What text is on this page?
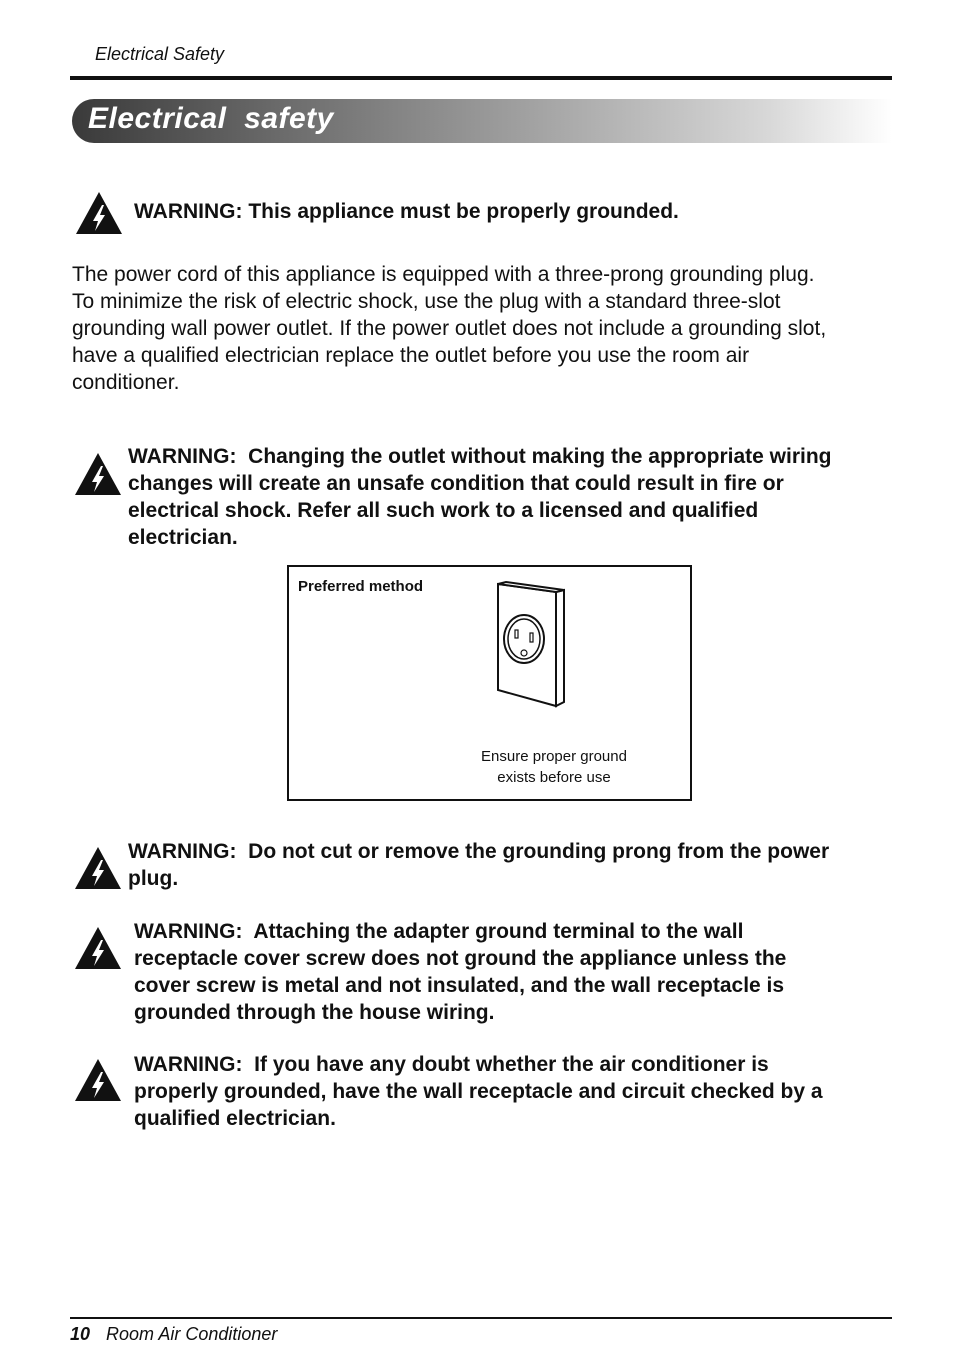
Electrical Safety
Electrical  safety
WARNING: This appliance must be properly grounded.
The power cord of this appliance is equipped with a three-prong grounding plug.
To minimize the risk of electric shock, use the plug with a standard three-slot
grounding wall power outlet. If the power outlet does not include a grounding slot,
have a qualified electrician replace the outlet before you use the room air
conditioner.
WARNING:  Changing the outlet without making the appropriate wiring
changes will create an unsafe condition that could result in fire or
electrical shock. Refer all such work to a licensed and qualified
electrician.
Preferred method
Ensure proper ground
exists before use
WARNING:  Do not cut or remove the grounding prong from the power
plug.
WARNING:  Attaching the adapter ground terminal to the wall
receptacle cover screw does not ground the appliance unless the
cover screw is metal and not insulated, and the wall receptacle is
grounded through the house wiring.
WARNING:  If you have any doubt whether the air conditioner is
properly grounded, have the wall receptacle and circuit checked by a
qualified electrician.
10 Room Air Conditioner
